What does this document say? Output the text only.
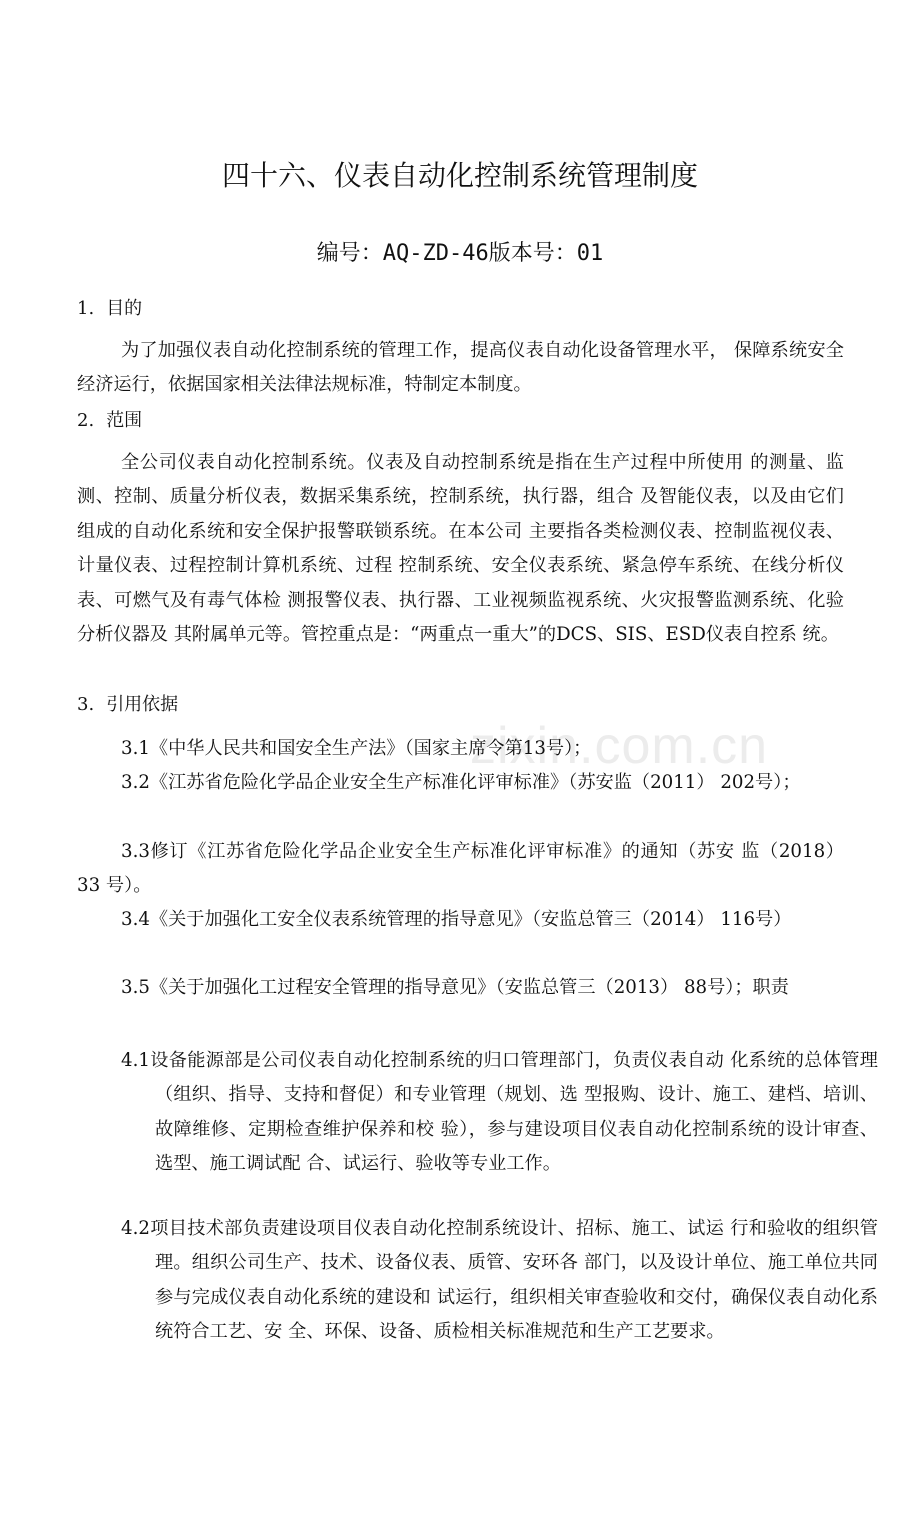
zixin.com.cn
四十六、仪表自动化控制系统管理制度
编号：AQ-ZD-46版本号：01
1. 目的
为了加强仪表自动化控制系统的管理工作，提高仪表自动化设备管理水平， 保障系统安全经济运行，依据国家相关法律法规标准，特制定本制度。
2. 范围
全公司仪表自动化控制系统。仪表及自动控制系统是指在生产过程中所使用 的测量、监测、控制、质量分析仪表，数据采集系统，控制系统，执行器，组合 及智能仪表，以及由它们组成的自动化系统和安全保护报警联锁系统。在本公司 主要指各类检测仪表、控制监视仪表、计量仪表、过程控制计算机系统、过程 控制系统、安全仪表系统、紧急停车系统、在线分析仪表、可燃气及有毒气体检 测报警仪表、执行器、工业视频监视系统、火灾报警监测系统、化验分析仪器及 其附属单元等。管控重点是：“两重点一重大”的DCS、SIS、ESD仪表自控系 统。
3. 引用依据
3.1《中华人民共和国安全生产法》（国家主席令第13号）；
3.2《江苏省危险化学品企业安全生产标准化评审标准》（苏安监（2011） 202号）；
3.3修订《江苏省危险化学品企业安全生产标准化评审标准》的通知（苏安 监（2018） 33 号）。
3.4《关于加强化工安全仪表系统管理的指导意见》（安监总管三（2014） 116号）
3.5《关于加强化工过程安全管理的指导意见》（安监总管三（2013） 88号）；职责
4.1设备能源部是公司仪表自动化控制系统的归口管理部门，负责仪表自动 化系统的总体管理（组织、指导、支持和督促）和专业管理（规划、选 型报购、设计、施工、建档、培训、故障维修、定期检查维护保养和校 验），参与建设项目仪表自动化控制系统的设计审查、选型、施工调试配 合、试运行、验收等专业工作。
4.2项目技术部负责建设项目仪表自动化控制系统设计、招标、施工、试运 行和验收的组织管理。组织公司生产、技术、设备仪表、质管、安环各 部门，以及设计单位、施工单位共同参与完成仪表自动化系统的建设和 试运行，组织相关审查验收和交付，确保仪表自动化系统符合工艺、安 全、环保、设备、质检相关标准规范和生产工艺要求。
